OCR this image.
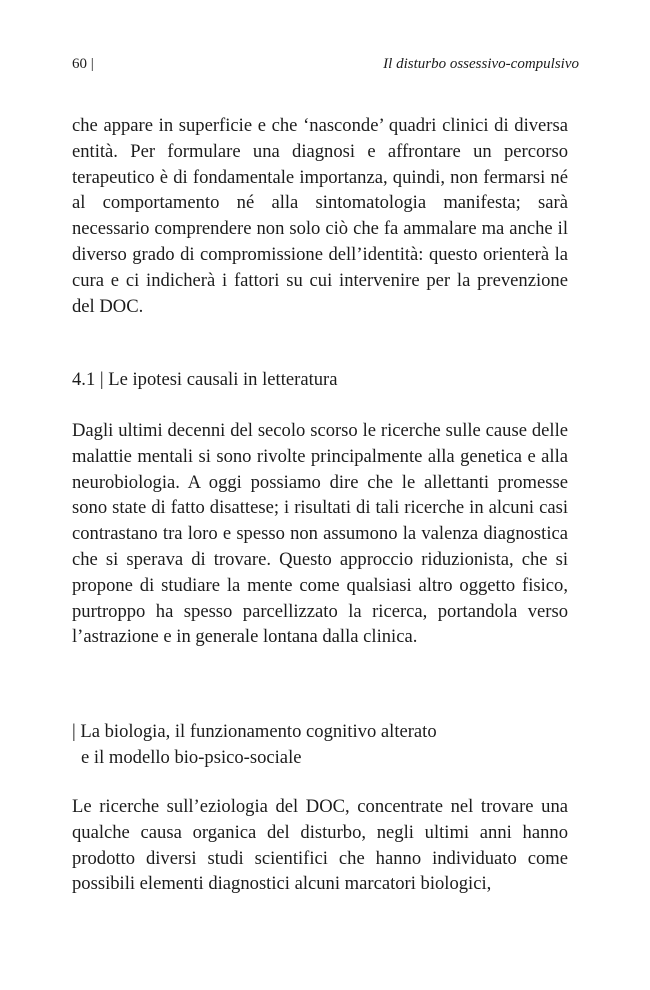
60 |	Il disturbo ossessivo-compulsivo

che appare in superficie e che ‘nasconde’ quadri clinici di diversa entità. Per formulare una diagnosi e affrontare un percorso terapeutico è di fondamentale importanza, quindi, non fermarsi né al comportamento né alla sintomatologia manifesta; sarà necessario comprendere non solo ciò che fa ammalare ma anche il diverso grado di compromissione dell’identità: questo orienterà la cura e ci indicherà i fattori su cui intervenire per la prevenzione del DOC.

4.1 | Le ipotesi causali in letteratura

Dagli ultimi decenni del secolo scorso le ricerche sulle cause delle malattie mentali si sono rivolte principalmente alla genetica e alla neurobiologia. A oggi possiamo dire che le allettanti promesse sono state di fatto disattese; i risultati di tali ricerche in alcuni casi contrastano tra loro e spesso non assumono la valenza diagnostica che si sperava di trovare. Questo approccio riduzionista, che si propone di studiare la mente come qualsiasi altro oggetto fisico, purtroppo ha spesso parcellizzato la ricerca, portandola verso l’astrazione e in generale lontana dalla clinica.

| La biologia, il funzionamento cognitivo alterato
e il modello bio-psico-sociale

Le ricerche sull’eziologia del DOC, concentrate nel trovare una qualche causa organica del disturbo, negli ultimi anni hanno prodotto diversi studi scientifici che hanno individuato come possibili elementi diagnostici alcuni marcatori biologici,
